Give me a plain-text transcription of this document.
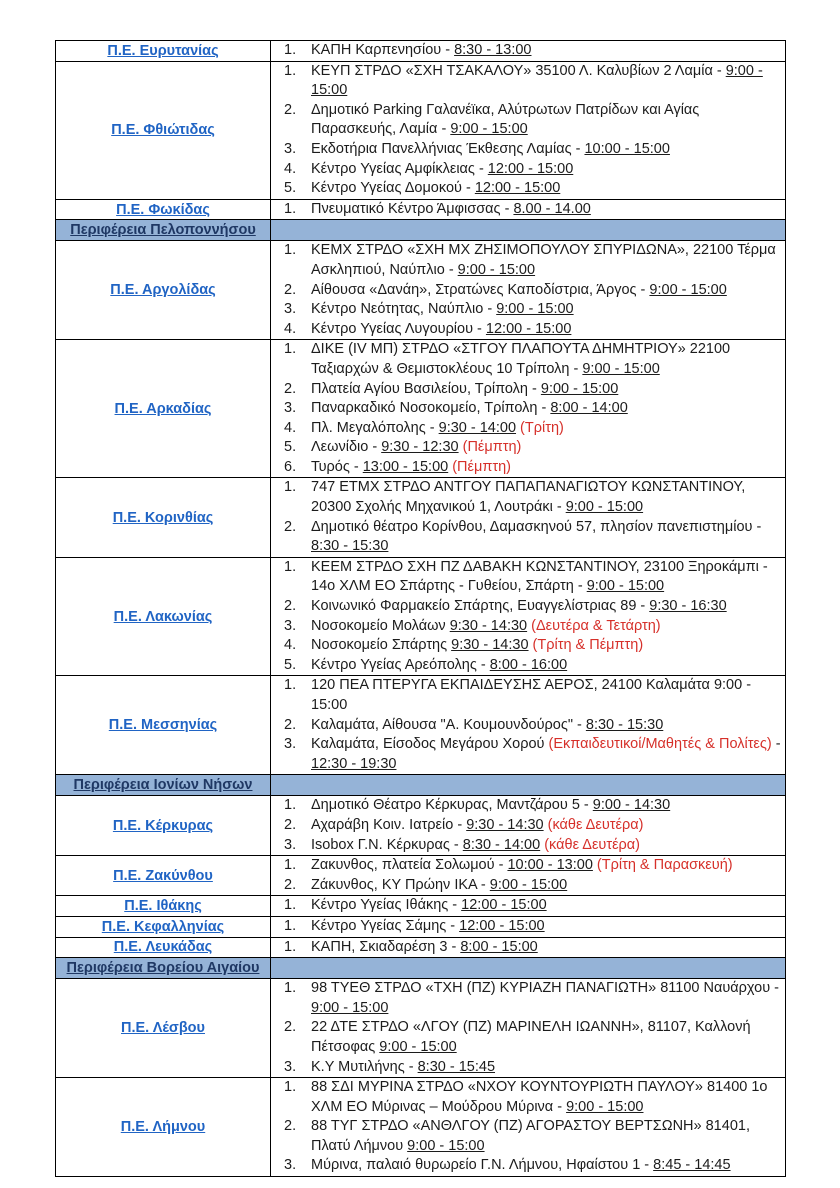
Π.Ε. Ευρυτανίας	1. ΚΑΠΗ Καρπενησίου - 8:30 - 13:00

Π.Ε. Φθιώτιδας	
1. ΚΕΥΠ ΣΤΡΔΟ «ΣΧΗ ΤΣΑΚΑΛΟΥ» 35100 Λ. Καλυβίων 2 Λαμία - 9:00 - 15:00
2. Δημοτικό Parking Γαλανέϊκα, Αλύτρωτων Πατρίδων και Αγίας Παρασκευής, Λαμία - 9:00 - 15:00
3. Εκδοτήρια Πανελλήνιας Έκθεσης Λαμίας - 10:00 - 15:00
4. Κέντρο Υγείας Αμφίκλειας - 12:00 - 15:00
5. Κέντρο Υγείας Δομοκού - 12:00 - 15:00

Π.Ε. Φωκίδας	1. Πνευματικό Κέντρο Άμφισσας - 8.00 - 14.00

Περιφέρεια Πελοποννήσου	

Π.Ε. Αργολίδας	
1. ΚΕΜΧ ΣΤΡΔΟ «ΣΧΗ ΜΧ ΖΗΣΙΜΟΠΟΥΛΟΥ ΣΠΥΡΙΔΩΝΑ», 22100 Τέρμα Ασκληπιού, Ναύπλιο - 9:00 - 15:00
2. Αίθουσα «Δανάη», Στρατώνες Καποδίστρια, Άργος - 9:00 - 15:00
3. Κέντρο Νεότητας, Ναύπλιο - 9:00 - 15:00
4. Κέντρο Υγείας Λυγουρίου - 12:00 - 15:00

Π.Ε. Αρκαδίας	
1. ΔΙΚΕ (IV ΜΠ) ΣΤΡΔΟ «ΣΤΓΟΥ ΠΛΑΠΟΥΤΑ ΔΗΜΗΤΡΙΟΥ» 22100 Ταξιαρχών & Θεμιστοκλέους 10 Τρίπολη - 9:00 - 15:00
2. Πλατεία Αγίου Βασιλείου, Τρίπολη - 9:00 - 15:00
3. Παναρκαδικό Νοσοκομείο, Τρίπολη - 8:00 - 14:00
4. Πλ. Μεγαλόπολης - 9:30 - 14:00 (Τρίτη)
5. Λεωνίδιο - 9:30 - 12:30 (Πέμπτη)
6. Τυρός - 13:00 - 15:00 (Πέμπτη)

Π.Ε. Κορινθίας	1. 747 ΕΤΜΧ ΣΤΡΔΟ ΑΝΤΓΟΥ ΠΑΠΑΠΑΝΑΓΙΩΤΟΥ ΚΩΝΣΤΑΝΤΙΝΟΥ, 20300 Σχολής Μηχανικού 1, Λουτράκι - 9:00 - 15:00
2. Δημοτικό θέατρο Κορίνθου, Δαμασκηνού 57, πλησίον πανεπιστημίου - 8:30 - 15:30

Π.Ε. Λακωνίας	
1. ΚΕΕΜ ΣΤΡΔΟ ΣΧΗ ΠΖ ΔΑΒΑΚΗ ΚΩΝΣΤΑΝΤΙΝΟΥ, 23100 Ξηροκάμπι - 14ο ΧΛΜ ΕΟ Σπάρτης - Γυθείου, Σπάρτη - 9:00 - 15:00
2. Κοινωνικό Φαρμακείο Σπάρτης, Ευαγγελίστριας 89 - 9:30 - 16:30
3. Νοσοκομείο Μολάων 9:30 - 14:30 (Δευτέρα & Τετάρτη)
4. Νοσοκομείο Σπάρτης 9:30 - 14:30 (Τρίτη & Πέμπτη)
5. Κέντρο Υγείας Αρεόπολης - 8:00 - 16:00

Π.Ε. Μεσσηνίας	
1. 120 ΠΕΑ ΠΤΕΡΥΓΑ ΕΚΠΑΙΔΕΥΣΗΣ ΑΕΡΟΣ, 24100 Καλαμάτα 9:00 - 15:00
2. Καλαμάτα, Αίθουσα "Α. Κουμουνδούρος" - 8:30 - 15:30
3. Καλαμάτα, Είσοδος Μεγάρου Χορού (Εκπαιδευτικοί/Μαθητές & Πολίτες) - 12:30 - 19:30

Περιφέρεια Ιονίων Νήσων	

Π.Ε. Κέρκυρας	
1. Δημοτικό Θέατρο Κέρκυρας, Μαντζάρου 5 - 9:00 - 14:30
2. Αχαράβη Κοιν. Ιατρείο - 9:30 - 14:30 (κάθε Δευτέρα)
3. Isobox Γ.Ν. Κέρκυρας - 8:30 - 14:00 (κάθε Δευτέρα)

Π.Ε. Ζακύνθου	1. Ζακυνθος, πλατεία Σολωμού - 10:00 - 13:00 (Τρίτη & Παρασκευή)
2. Ζάκυνθος, ΚΥ Πρώην ΙΚΑ - 9:00 - 15:00

Π.Ε. Ιθάκης	1. Κέντρο Υγείας Ιθάκης - 12:00 - 15:00

Π.Ε. Κεφαλληνίας	1. Κέντρο Υγείας Σάμης - 12:00 - 15:00

Π.Ε. Λευκάδας	1. ΚΑΠΗ, Σκιαδαρέση 3 - 8:00 - 15:00

Περιφέρεια Βορείου Αιγαίου	

Π.Ε. Λέσβου	
1. 98 ΤΥΕΘ ΣΤΡΔΟ «ΤΧΗ (ΠΖ) ΚΥΡΙΑΖΗ ΠΑΝΑΓΙΩΤΗ» 81100 Ναυάρχου - 9:00 - 15:00
2. 22 ΔΤΕ ΣΤΡΔΟ «ΛΓΟΥ (ΠΖ) ΜΑΡΙΝΕΛΗ ΙΩΑΝΝΗ», 81107, Καλλονή Πέτσοφας 9:00 - 15:00
3. Κ.Υ Μυτιλήνης - 8:30 - 15:45

Π.Ε. Λήμνου	
1. 88 ΣΔΙ ΜΥΡΙΝΑ ΣΤΡΔΟ «ΝΧΟΥ ΚΟΥΝΤΟΥΡΙΩΤΗ ΠΑΥΛΟΥ» 81400 1ο ΧΛΜ ΕΟ Μύρινας – Μούδρου Μύρινα - 9:00 - 15:00
2. 88 ΤΥΓ ΣΤΡΔΟ «ΑΝΘΛΓΟΥ (ΠΖ) ΑΓΟΡΑΣΤΟΥ ΒΕΡΤΣΩΝΗ» 81401, Πλατύ Λήμνου 9:00 - 15:00
3. Μύρινα, παλαιό θυρωρείο Γ.Ν. Λήμνου, Ηφαίστου 1 - 8:45 - 14:45
